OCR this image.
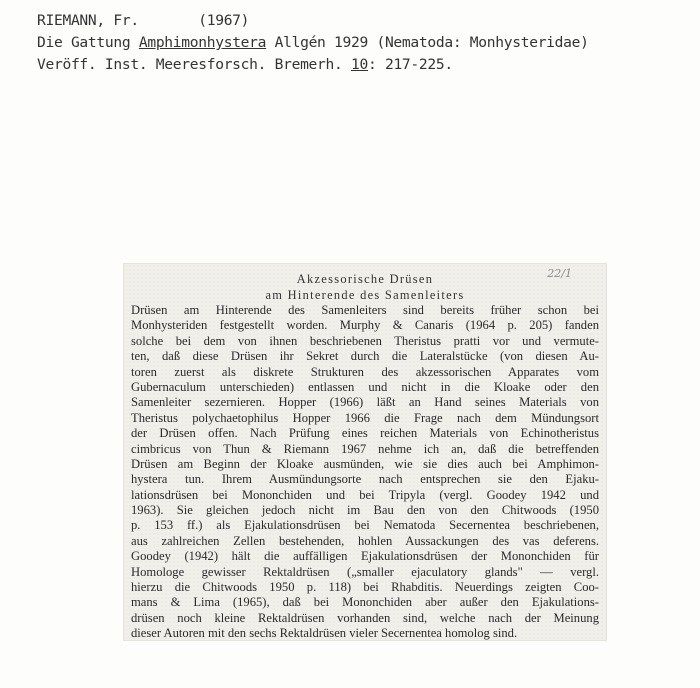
RIEMANN, Fr.       (1967)
Die Gattung Amphimonhystera Allgén 1929 (Nematoda: Monhysteridae)
Veröff. Inst. Meeresforsch. Bremerh. 10: 217-225.
22/1
Akzessorische Drüsen
am Hinterende des Samenleiters
Drüsen am Hinterende des Samenleiters sind bereits früher schon bei
Monhysteriden festgestellt worden. Murphy & Canaris (1964 p. 205) fanden
solche bei dem von ihnen beschriebenen Theristus pratti vor und vermute-
ten, daß diese Drüsen ihr Sekret durch die Lateralstücke (von diesen Au-
toren zuerst als diskrete Strukturen des akzessorischen Apparates vom
Gubernaculum unterschieden) entlassen und nicht in die Kloake oder den
Samenleiter sezernieren. Hopper (1966) läßt an Hand seines Materials von
Theristus polychaetophilus Hopper 1966 die Frage nach dem Mündungsort
der Drüsen offen. Nach Prüfung eines reichen Materials von Echinotheristus
cimbricus von Thun & Riemann 1967 nehme ich an, daß die betreffenden
Drüsen am Beginn der Kloake ausmünden, wie sie dies auch bei Amphimon-
hystera tun. Ihrem Ausmündungsorte nach entsprechen sie den Ejaku-
lationsdrüsen bei Mononchiden und bei Tripyla (vergl. Goodey 1942 und
1963). Sie gleichen jedoch nicht im Bau den von den Chitwoods (1950
p. 153 ff.) als Ejakulationsdrüsen bei Nematoda Secernentea beschriebenen,
aus zahlreichen Zellen bestehenden, hohlen Aussackungen des vas deferens.
Goodey (1942) hält die auffälligen Ejakulationsdrüsen der Mononchiden für
Homologe gewisser Rektaldrüsen („smaller ejaculatory glands" — vergl.
hierzu die Chitwoods 1950 p. 118) bei Rhabditis. Neuerdings zeigten Coo-
mans & Lima (1965), daß bei Mononchiden aber außer den Ejakulations-
drüsen noch kleine Rektaldrüsen vorhanden sind, welche nach der Meinung
dieser Autoren mit den sechs Rektaldrüsen vieler Secernentea homolog sind.
